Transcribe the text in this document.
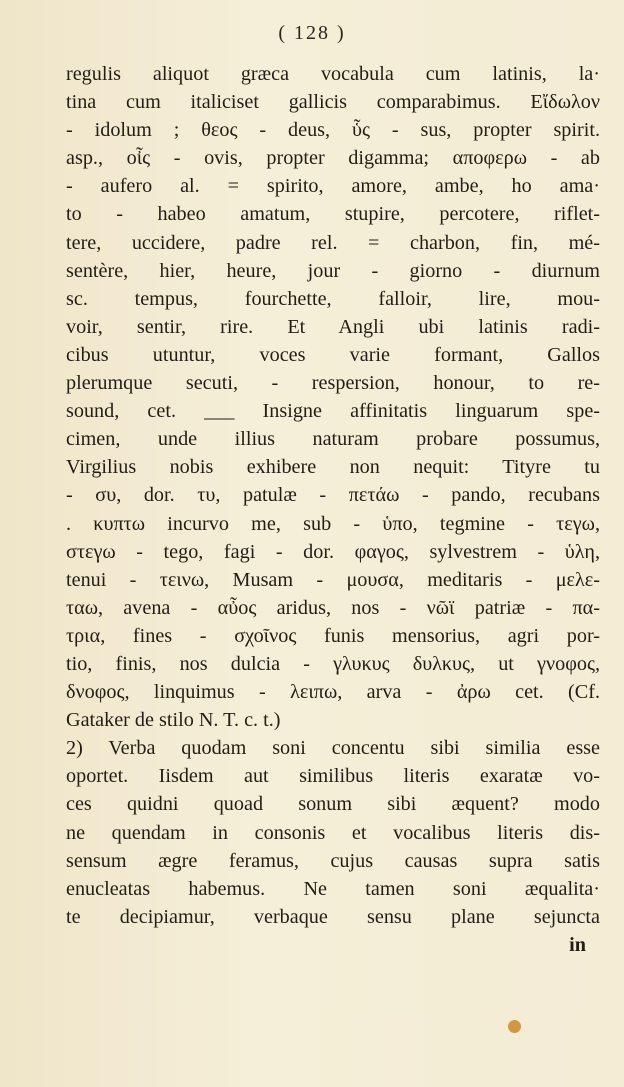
( 128 )
regulis aliquot græca vocabula cum latinis, la·
tina cum italiciset gallicis comparabimus. Εἴδωλον
- idolum ; θεος - deus, ὗς - sus, propter spirit.
asp., οἶς - ovis, propter digamma; αποφερω - ab
- aufero al. = spirito, amore, ambe, ho ama·
to - habeo amatum, stupire, percotere, riflet-
tere, uccidere, padre rel. = charbon, fin, mé-
sentère, hier, heure, jour - giorno - diurnum
sc. tempus, fourchette, falloir, lire, mou-
voir, sentir, rire. Et Angli ubi latinis radi-
cibus utuntur, voces varie formant, Gallos
plerumque secuti, - respersion, honour, to re-
sound, cet. ___ Insigne affinitatis linguarum spe-
cimen, unde illius naturam probare possumus,
Virgilius nobis exhibere non nequit: Tityre tu
- συ, dor. τυ, patulæ - πετάω - pando, recubans
. κυπτω incurvo me, sub - ὑπο, tegmine - τεγω,
στεγω - tego, fagi - dor. φαγος, sylvestrem - ὑλη,
tenui - τεινω, Musam - μουσα, meditaris - μελε-
ταω, avena - αὖος aridus, nos - νῶϊ patriæ - πα-
τρια, fines - σχοῖνος funis mensorius, agri por-
tio, finis, nos dulcia - γλυκυς δυλκυς, ut γνοφος,
δνοφος, linquimus - λειπω, arva - ἀρω cet. (Cf.
Gataker de stilo N. T. c. t.)
2) Verba quodam soni concentu sibi similia esse
oportet. Iisdem aut similibus literis exaratæ vo-
ces quidni quoad sonum sibi æquent? modo
ne quendam in consonis et vocalibus literis dis-
sensum ægre feramus, cujus causas supra satis
enucleatas habemus. Ne tamen soni æqualita·
te decipiamur, verbaque sensu plane sejuncta
in
